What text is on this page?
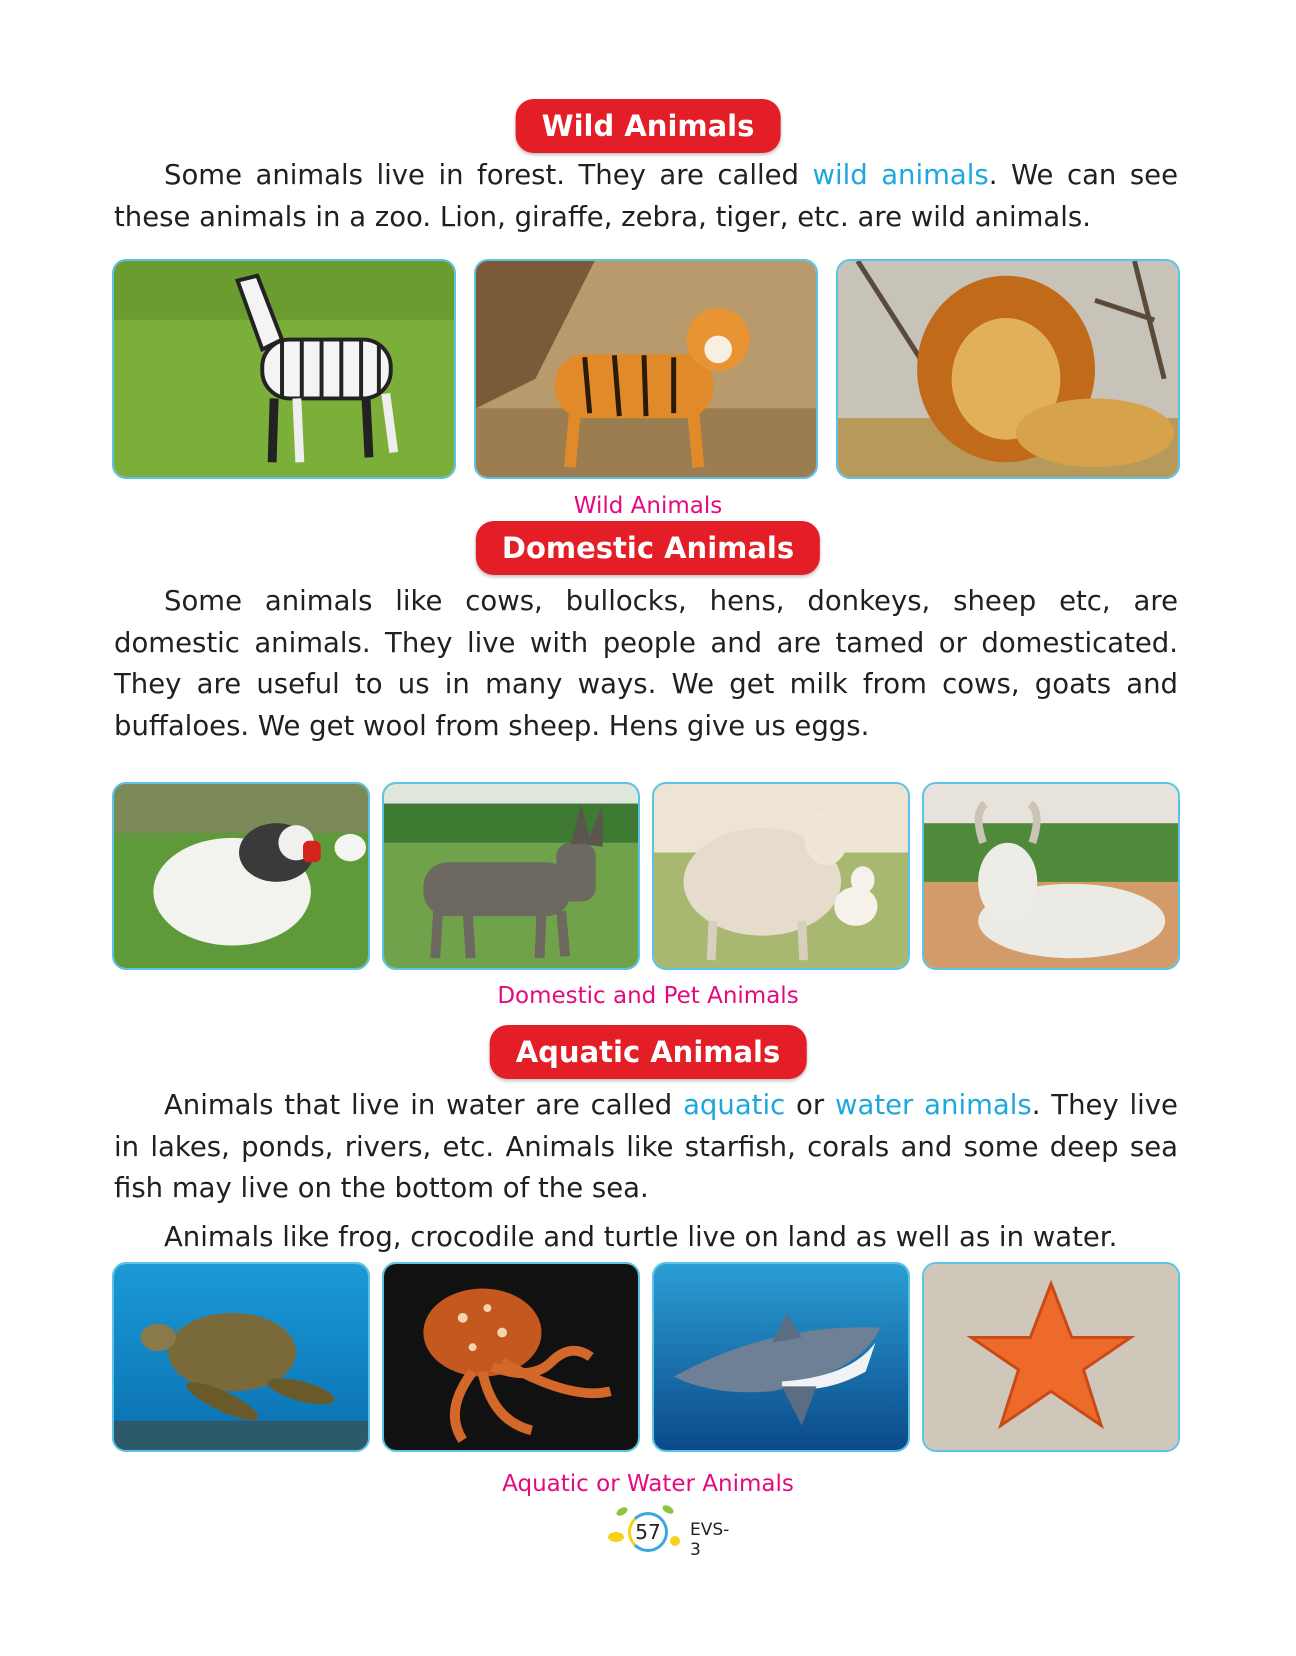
Wild Animals

Some animals live in forest. They are called wild animals. We can see these animals in a zoo. Lion, giraffe, zebra, tiger, etc. are wild animals.

Wild Animals
Domestic Animals

Some animals like cows, bullocks, hens, donkeys, sheep etc, are domestic animals. They live with people and are tamed or domesticated. They are useful to us in many ways. We get milk from cows, goats and buffaloes. We get wool from sheep. Hens give us eggs.

Domestic and Pet Animals
Aquatic Animals

Animals that live in water are called aquatic or water animals. They live in lakes, ponds, rivers, etc. Animals like starfish, corals and some deep sea fish may live on the bottom of the sea.

Animals like frog, crocodile and turtle live on land as well as in water.

Aquatic or Water Animals
57	EVS-3
